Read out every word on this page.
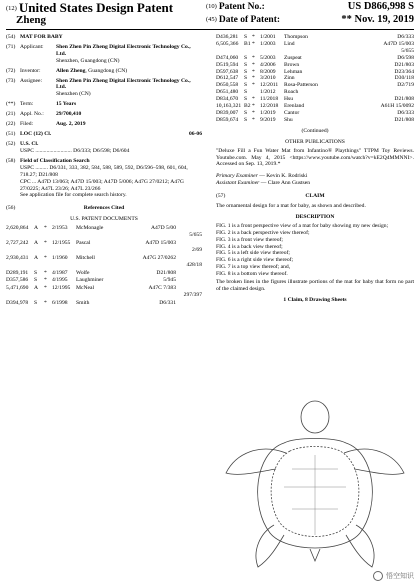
(12) United States Design Patent
Zheng
(10) Patent No.:	US D866,998 S
(45) Date of Patent:	** Nov. 19, 2019
(54) MAT FOR BABY
(71) Applicant:	Shen Zhen Pin Zheng Digital Electronic Technology Co., Ltd.
Shenzhen, Guangdong (CN)
(72) Inventor:	Allen Zheng, Guangdong (CN)
(73) Assignee:	Shen Zhen Pin Zheng Digital Electronic Technology Co., Ltd.
Shenzhen (CN)
(**) Term:	15 Years
(21) Appl. No.:	29/700,410
(22) Filed:	Aug. 2, 2019
(51) LOC (12) Cl.	06-06
(52) U.S. Cl.
USPC .......................... D6/333; D6/598; D6/604
(58) Field of Classification Search
USPC ......... D6/331, 333, 382, 584, 588, 589, 592, D6/596–598, 601, 604, 718.27; D21/808
CPC ... A47D 13/063; A47D 15/003; A47D 5/006; A47G 27/0212; A47G 27/0225; A47L 23/26; A47L 23/266
See application file for complete search history.
(56)	References Cited
U.S. PATENT DOCUMENTS
2,620,864 A * 2/1953 McMonagle	A47D 5/00
5/655
2,727,242 A * 12/1955 Pascal	A47D 15/003
2/69
2,930,431 A * 1/1960 Mitchell	A47G 27/0262
428/18
D289,191 S * 4/1987 Wolfe	D21/808
D357,586 S * 4/1995 Laughminer	5/945
5,471,690 A * 12/1995 McNeal	A47C 7/383
297/397
D394,978 S * 6/1998 Smith	D6/331
D436,281	S * 1/2001	Thompson	D6/333
6,505,366	B1 * 1/2003	Lind	A47D 15/003
5/655
D474,060	S * 5/2003	Zuspeat	D6/598
D519,594	S * 4/2006	Brown	D21/803
D597,638	S * 8/2009	Lehman	D23/364
D612,547	S * 3/2010	Zinn	D30/118
D650,558	S * 12/2011	Rosa-Patterson	D2/719
D651,480	S	1/2012	Roach
D834,670	S * 11/2018	Hsu	D21/808
10,163,321 B2 * 12/2018	Erenland	A61H 15/0092
D839,007	S * 1/2019	Cantor	D6/333
D859,674	S * 9/2019	Shu	D21/808
(Continued)
OTHER PUBLICATIONS
"Deluxe Fill a Fun Water Mat from Infantino® Playthings" TTPM Toy Reviews. Youtube.com. May 4, 2015 <https://www.youtube.com/watch?v=kE2Q4MMNNI>. Accessed on Sep. 13, 2019.*
Primary Examiner — Kevin K. Rodriski
Assistant Examiner — Clare Ann Gustsen
(57)	CLAIM
The ornamental design for a mat for baby, as shown and described.
DESCRIPTION
FIG. 1 is a front perspective view of a mat for baby showing my new design;
FIG. 2 is a back perspective view thereof;
FIG. 3 is a front view thereof;
FIG. 4 is a back view thereof;
FIG. 5 is a left side view thereof;
FIG. 6 is a right side view thereof;
FIG. 7 is a top view thereof; and,
FIG. 8 is a bottom view thereof.
The broken lines in the figures illustrate portions of the mat for baby that form no part of the claimed design.
1 Claim, 8 Drawing Sheets
悟空知识
